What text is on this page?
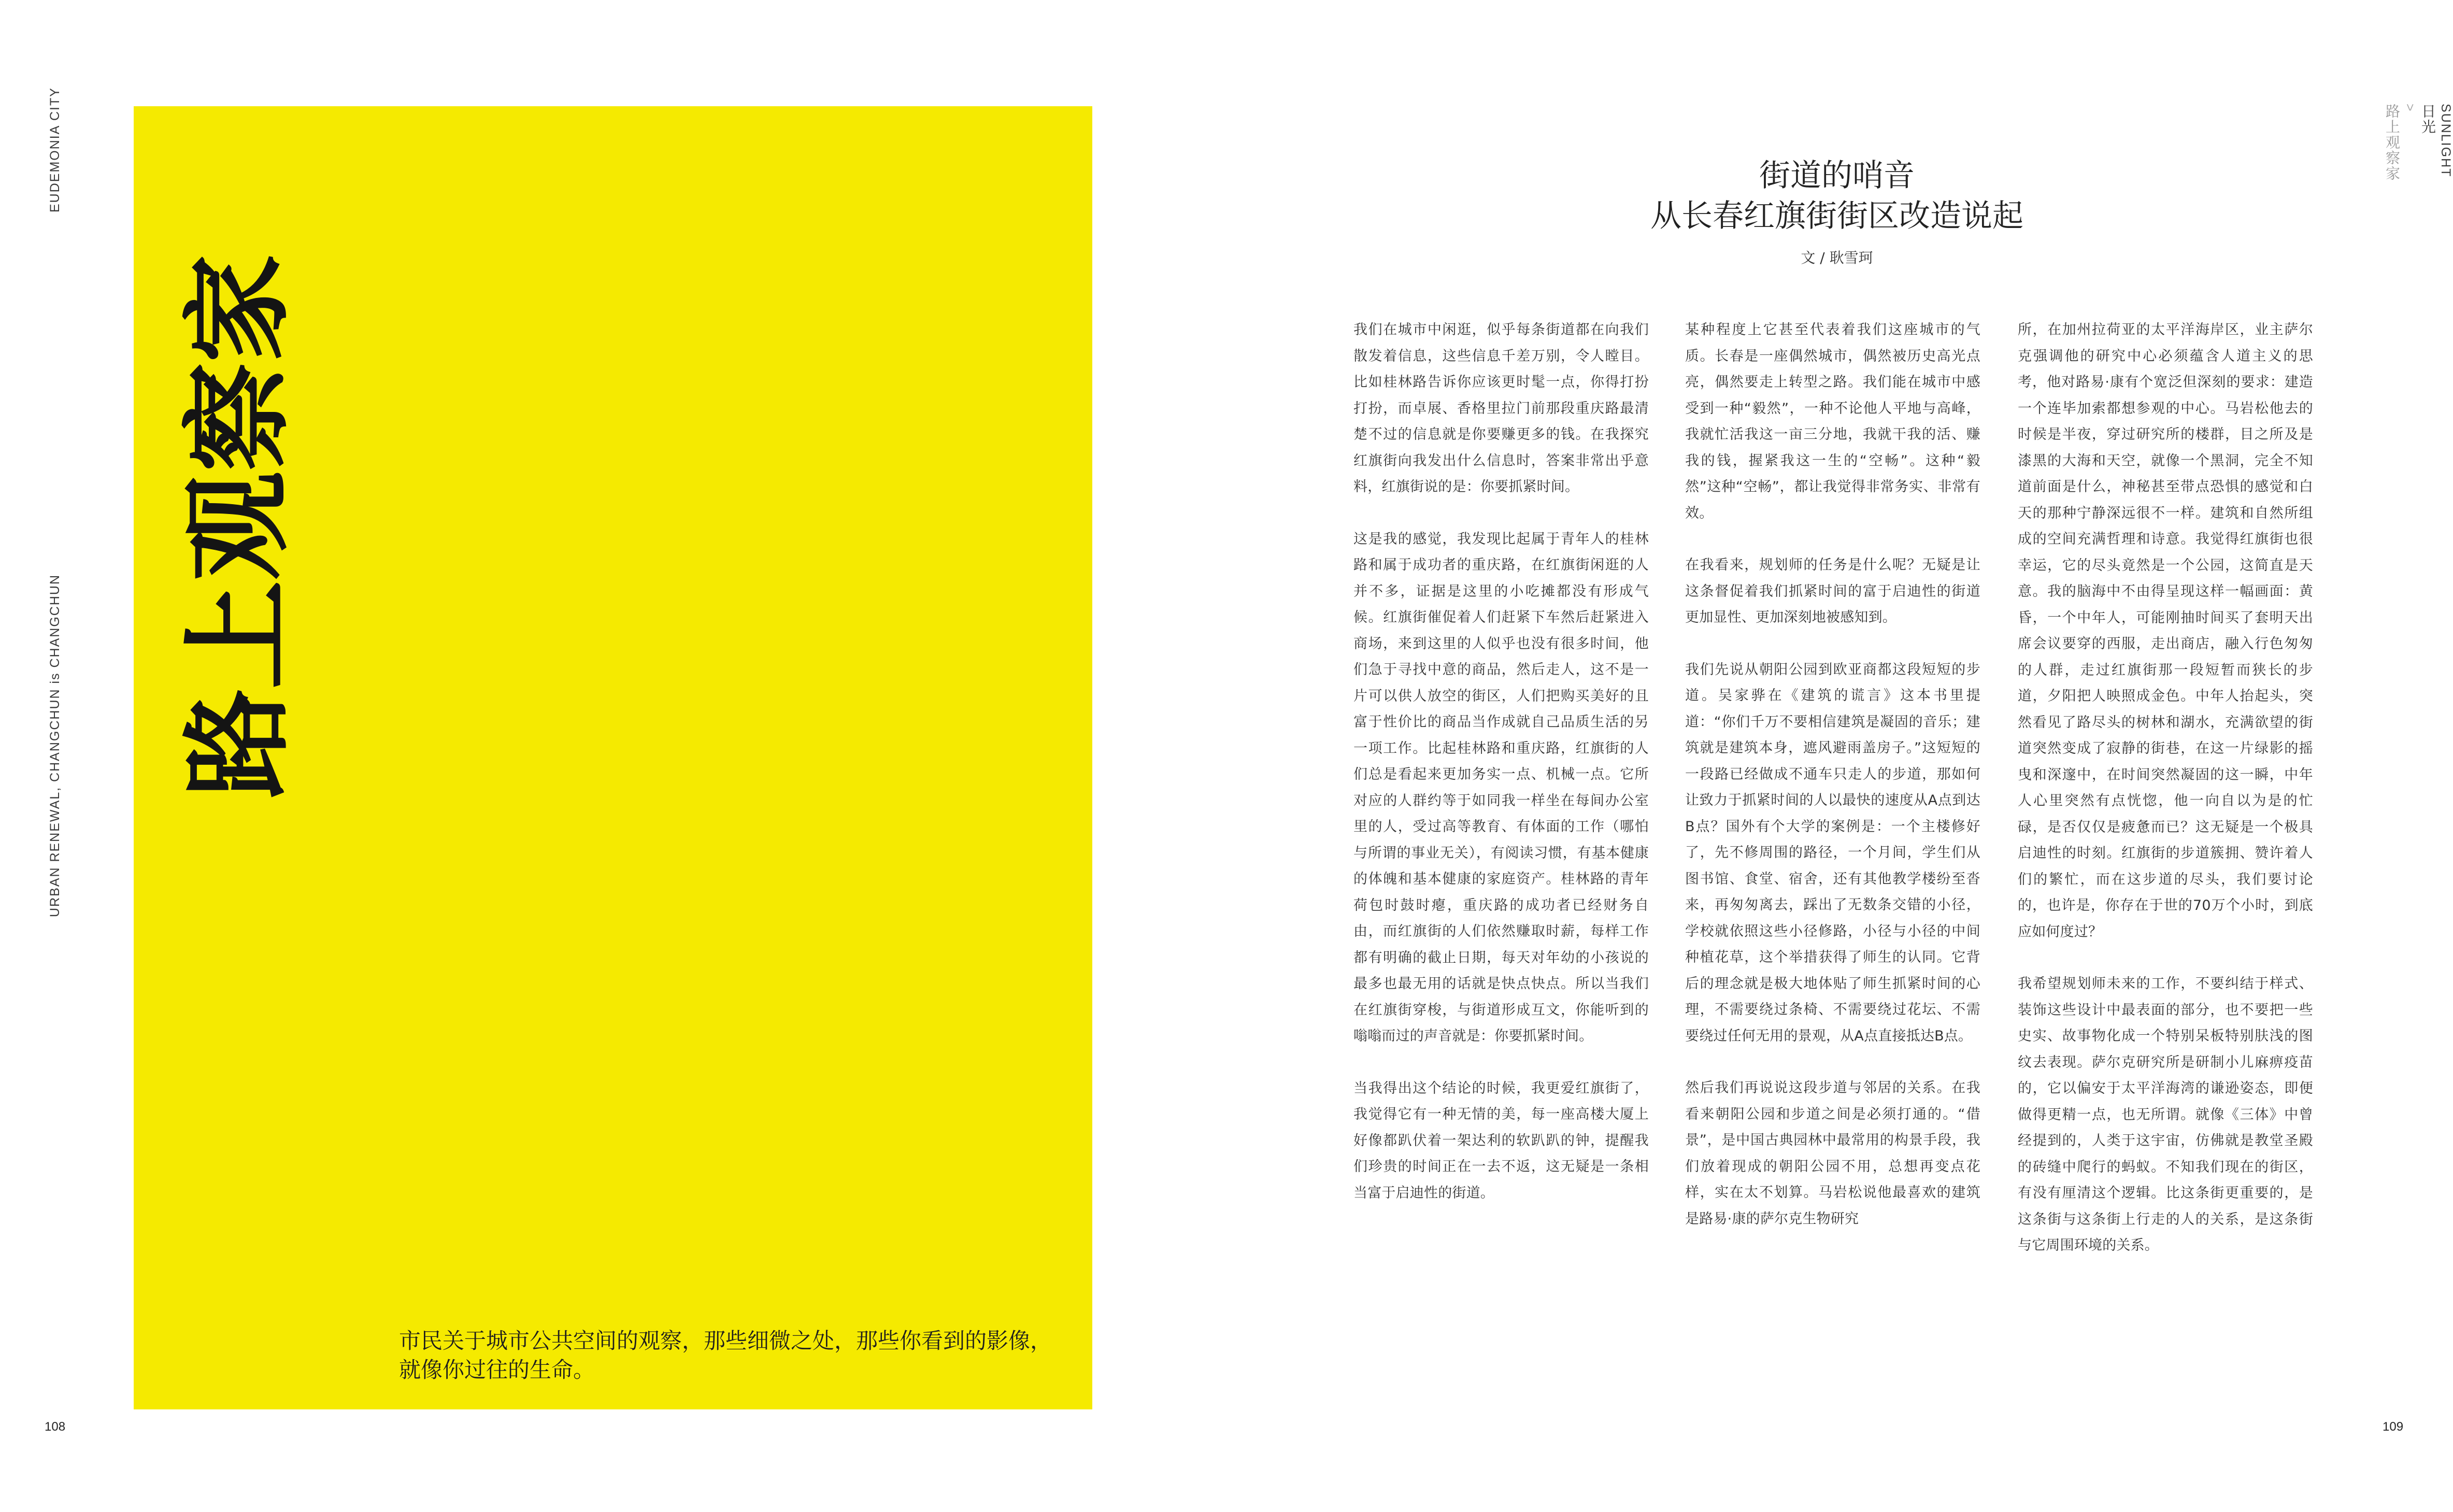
EUDEMONIA CITY
URBAN RENEWAL, CHANGCHUN is CHANGCHUN 路上观察家
市民关于城市公共空间的观察，那些细微之处，那些你看到的影像，就像你过往的生命。
108
街道的哨音
从长春红旗街街区改造说起
文 / 耿雪珂

我们在城市中闲逛，似乎每条街道都在向我们散发着信息，这些信息千差万别，令人瞠目。比如桂林路告诉你应该更时髦一点，你得打扮打扮，而卓展、香格里拉门前那段重庆路最清楚不过的信息就是你要赚更多的钱。在我探究红旗街向我发出什么信息时，答案非常出乎意料，红旗街说的是：你要抓紧时间。

这是我的感觉，我发现比起属于青年人的桂林路和属于成功者的重庆路，在红旗街闲逛的人并不多，证据是这里的小吃摊都没有形成气候。红旗街催促着人们赶紧下车然后赶紧进入商场，来到这里的人似乎也没有很多时间，他们急于寻找中意的商品，然后走人，这不是一片可以供人放空的街区，人们把购买美好的且富于性价比的商品当作成就自己品质生活的另一项工作。比起桂林路和重庆路，红旗街的人们总是看起来更加务实一点、机械一点。它所对应的人群约等于如同我一样坐在每间办公室里的人，受过高等教育、有体面的工作（哪怕与所谓的事业无关），有阅读习惯，有基本健康的体魄和基本健康的家庭资产。桂林路的青年荷包时鼓时瘪，重庆路的成功者已经财务自由，而红旗街的人们依然赚取时薪，每样工作都有明确的截止日期，每天对年幼的小孩说的最多也最无用的话就是快点快点。所以当我们在红旗街穿梭，与街道形成互文，你能听到的嗡嗡而过的声音就是：你要抓紧时间。

当我得出这个结论的时候，我更爱红旗街了，我觉得它有一种无情的美，每一座高楼大厦上好像都趴伏着一架达利的软趴趴的钟，提醒我们珍贵的时间正在一去不返，这无疑是一条相当富于启迪性的街道。

某种程度上它甚至代表着我们这座城市的气质。长春是一座偶然城市，偶然被历史高光点亮，偶然要走上转型之路。我们能在城市中感受到一种“毅然”，一种不论他人平地与高峰，我就忙活我这一亩三分地，我就干我的活、赚我的钱，握紧我这一生的“空畅”。这种“毅然”这种“空畅”，都让我觉得非常务实、非常有效。

在我看来，规划师的任务是什么呢？无疑是让这条督促着我们抓紧时间的富于启迪性的街道更加显性、更加深刻地被感知到。

我们先说从朝阳公园到欧亚商都这段短短的步道。吴家骅在《建筑的谎言》这本书里提道：“你们千万不要相信建筑是凝固的音乐；建筑就是建筑本身，遮风避雨盖房子。”这短短的一段路已经做成不通车只走人的步道，那如何让致力于抓紧时间的人以最快的速度从A点到达B点？国外有个大学的案例是：一个主楼修好了，先不修周围的路径，一个月间，学生们从图书馆、食堂、宿舍，还有其他教学楼纷至沓来，再匆匆离去，踩出了无数条交错的小径，学校就依照这些小径修路，小径与小径的中间种植花草，这个举措获得了师生的认同。它背后的理念就是极大地体贴了师生抓紧时间的心理，不需要绕过条椅、不需要绕过花坛、不需要绕过任何无用的景观，从A点直接抵达B点。

然后我们再说说这段步道与邻居的关系。在我看来朝阳公园和步道之间是必须打通的。“借景”，是中国古典园林中最常用的构景手段，我们放着现成的朝阳公园不用，总想再变点花样，实在太不划算。马岩松说他最喜欢的建筑是路易·康的萨尔克生物研究

所，在加州拉荷亚的太平洋海岸区，业主萨尔克强调他的研究中心必须蕴含人道主义的思考，他对路易·康有个宽泛但深刻的要求：建造一个连毕加索都想参观的中心。马岩松他去的时候是半夜，穿过研究所的楼群，目之所及是漆黑的大海和天空，就像一个黑洞，完全不知道前面是什么，神秘甚至带点恐惧的感觉和白天的那种宁静深远很不一样。建筑和自然所组成的空间充满哲理和诗意。我觉得红旗街也很幸运，它的尽头竟然是一个公园，这简直是天意。我的脑海中不由得呈现这样一幅画面：黄昏，一个中年人，可能刚抽时间买了套明天出席会议要穿的西服，走出商店，融入行色匆匆的人群，走过红旗街那一段短暂而狭长的步道，夕阳把人映照成金色。中年人抬起头，突然看见了路尽头的树林和湖水，充满欲望的街道突然变成了寂静的街巷，在这一片绿影的摇曳和深邃中，在时间突然凝固的这一瞬，中年人心里突然有点恍惚，他一向自以为是的忙碌，是否仅仅是疲惫而已？这无疑是一个极具启迪性的时刻。红旗街的步道簇拥、赞许着人们的繁忙，而在这步道的尽头，我们要讨论的，也许是，你存在于世的70万个小时，到底应如何度过？

我希望规划师未来的工作，不要纠结于样式、装饰这些设计中最表面的部分，也不要把一些史实、故事物化成一个特别呆板特别肤浅的图纹去表现。萨尔克研究所是研制小儿麻痹疫苗的，它以偏安于太平洋海湾的谦逊姿态，即便做得更精一点，也无所谓。就像《三体》中曾经提到的，人类于这宇宙，仿佛就是教堂圣殿的砖缝中爬行的蚂蚁。不知我们现在的街区，有没有厘清这个逻辑。比这条街更重要的，是这条街与这条街上行走的人的关系，是这条街与它周围环境的关系。

SUNLIGHT
日光
>
路上观察家
109
